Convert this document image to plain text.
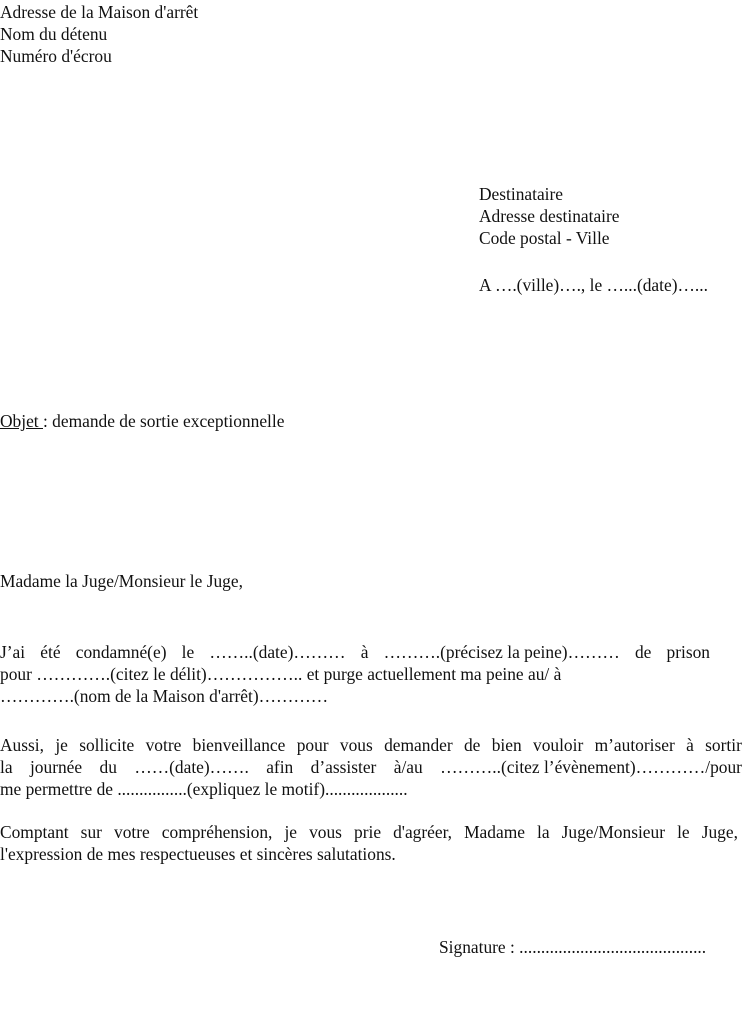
Adresse de la Maison d'arrêt
Nom du détenu
Numéro d'écrou
Destinataire
Adresse destinataire
Code postal - Ville
A ….(ville)…., le …...(date)…...
Objet : demande de sortie exceptionnelle
Madame la Juge/Monsieur le Juge,
J’ai été condamné(e) le ……..(date)……… à ……….(précisez la peine)……… de prison
pour ………….(citez le délit)…………….. et purge actuellement ma peine au/ à
………….(nom de la Maison d'arrêt)…………
Aussi, je sollicite votre bienveillance pour vous demander de bien vouloir m’autoriser à sortir
la journée du ……(date)……. afin d’assister à/au ………..(citez l’évènement)…………/pour
me permettre de ................(expliquez le motif)...................
Comptant sur votre compréhension, je vous prie d'agréer, Madame la Juge/Monsieur le Juge,
l'expression de mes respectueuses et sincères salutations.
Signature : ...........................................
